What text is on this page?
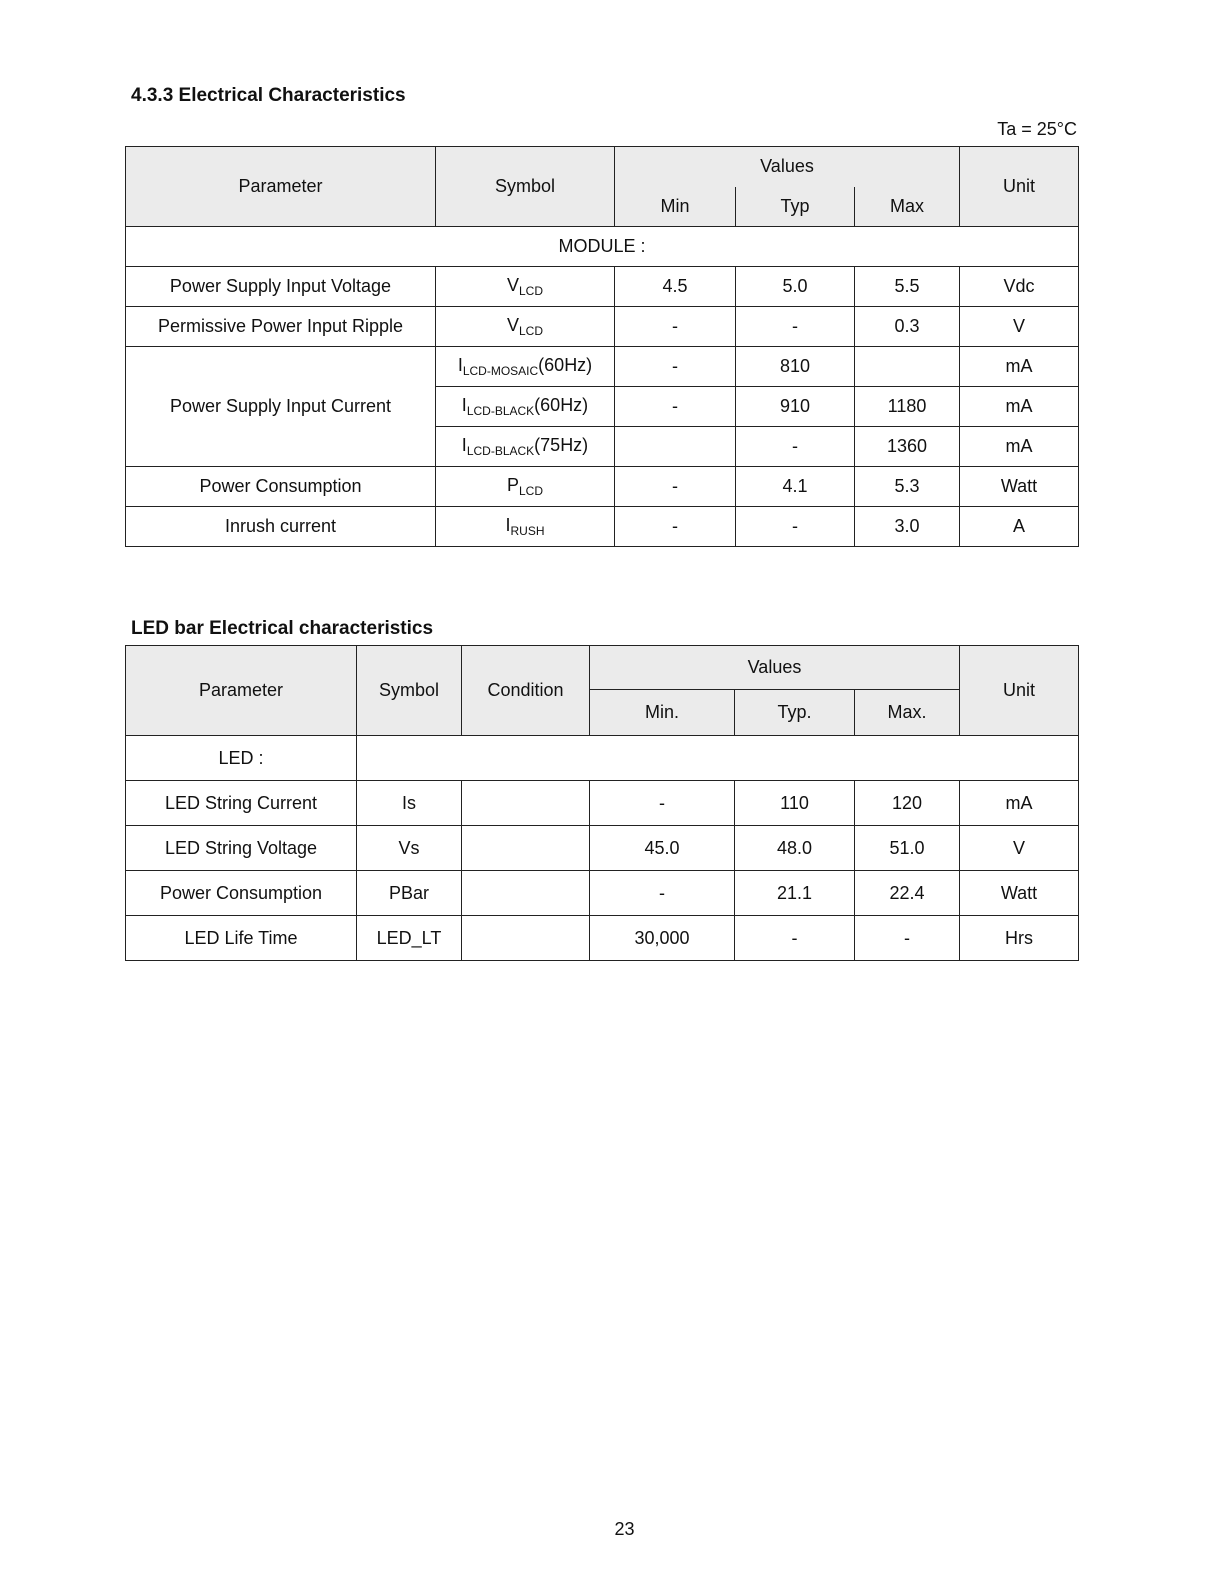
4.3.3 Electrical Characteristics
Ta = 25°C
Parameter	Symbol	Values			Unit
		Min	Typ	Max	
MODULE :					
Power Supply Input Voltage	$V_{LCD}$	4.5	5.0	5.5	Vdc
Permissive Power Input Ripple	$V_{LCD}$	-	-	0.3	V
Power Supply Input Current	$I_{LCD-MOSAIC}(60Hz)$	-	810		mA
	$I_{LCD-BLACK}(60Hz)$	-	910	1180	mA
	$I_{LCD-BLACK}(75Hz)$		-	1360	mA
Power Consumption	$P_{LCD}$	-	4.1	5.3	Watt
Inrush current	$I_{RUSH}$	-	-	3.0	A
LED bar Electrical characteristics
Parameter	Symbol	Condition	Values			Unit
			Min.	Typ.	Max.	
LED :						
LED String Current	Is		-	110	120	mA
LED String Voltage	Vs		45.0	48.0	51.0	V
Power Consumption	PBar		-	21.1	22.4	Watt
LED Life Time	LED_LT		30,000	-	-	Hrs
23
